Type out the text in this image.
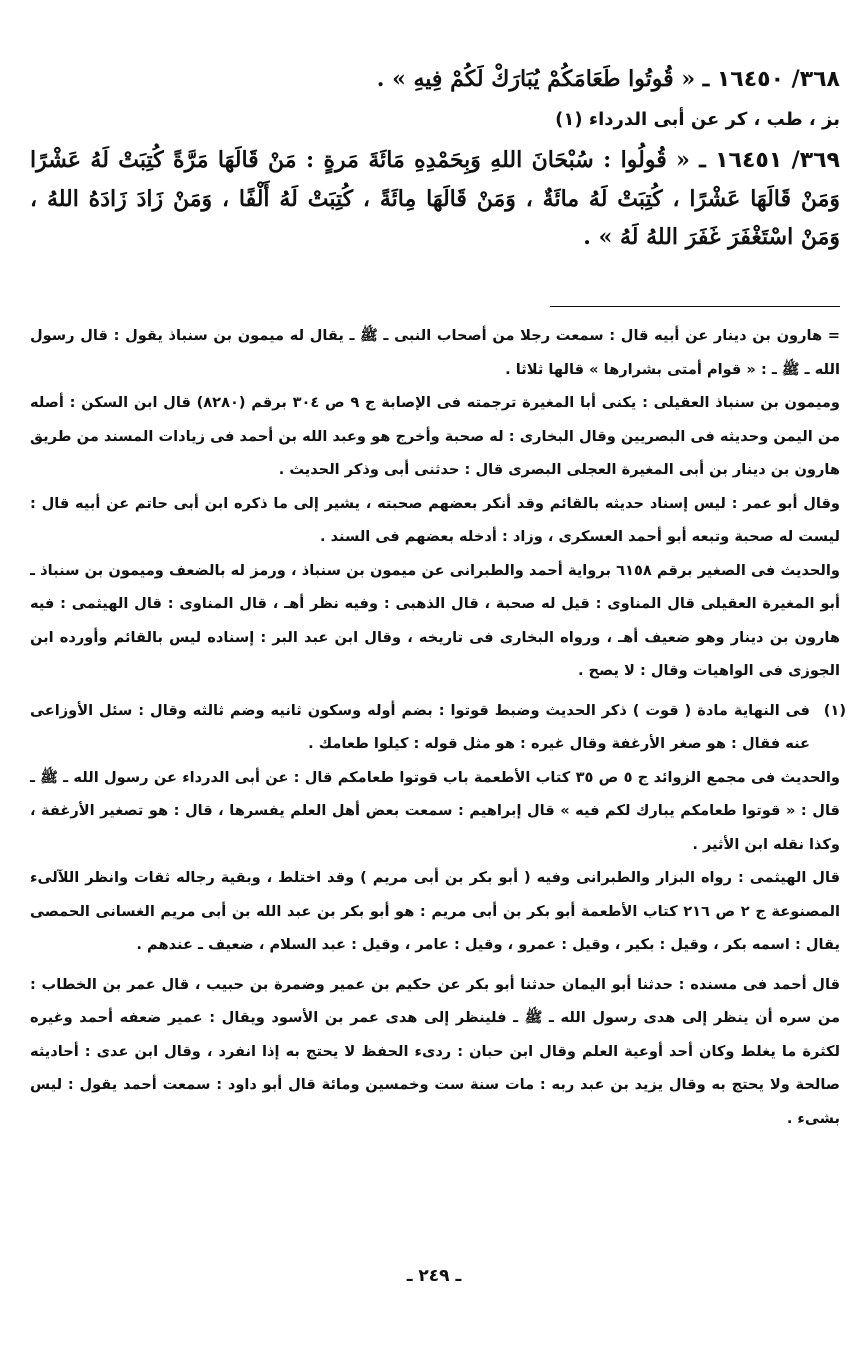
٣٦٨/ ١٦٤٥٠ ـ « قُوتُوا طَعَامَكُمْ يُبَارَكْ لَكُمْ فِيهِ » .

بز ، طب ، كر عن أبى الدرداء (١)

٣٦٩/ ١٦٤٥١ ـ « قُولُوا : سُبْحَانَ اللهِ وَبِحَمْدِهِ مَائَةَ مَرةٍ : مَنْ قَالَهَا مَرَّةً كُتِبَتْ لَهُ عَشْرًا وَمَنْ قَالَهَا عَشْرًا ، كُتِبَتْ لَهُ مائَةٌ ، وَمَنْ قَالَهَا مِائَةً ، كُتِبَتْ لَهُ أَلْفًا ، وَمَنْ زَادَ زَادَهُ اللهُ ، وَمَنْ اسْتَغْفَرَ غَفَرَ اللهُ لَهُ » .

= هارون بن دينار عن أبيه قال : سمعت رجلا من أصحاب النبى ـ ﷺ ـ يقال له ميمون بن سنباذ يقول : قال رسول الله ـ ﷺ ـ : « قوام أمتى بشرارها » قالها ثلاثا .

وميمون بن سنباذ العقيلى : يكنى أبا المغيرة ترجمته فى الإصابة ج ٩ ص ٣٠٤ برقم (٨٢٨٠) قال ابن السكن : أصله من اليمن وحديثه فى البصريين وقال البخارى : له صحبة وأخرج هو وعبد الله بن أحمد فى زيادات المسند من طريق هارون بن دينار بن أبى المغيرة العجلى البصرى قال : حدثنى أبى وذكر الحديث .

وقال أبو عمر : ليس إسناد حديثه بالقائم وقد أنكر بعضهم صحبته ، يشير إلى ما ذكره ابن أبى حاتم عن أبيه قال : ليست له صحبة وتبعه أبو أحمد العسكرى ، وزاد : أدخله بعضهم فى السند .

والحديث فى الصغير برقم ٦١٥٨ برواية أحمد والطبرانى عن ميمون بن سنباذ ، ورمز له بالضعف وميمون بن سنباذ ـ أبو المغيرة العقيلى قال المناوى : قيل له صحبة ، قال الذهبى : وفيه نظر أهـ ، قال المناوى : قال الهيثمى : فيه هارون بن دينار وهو ضعيف أهـ ، ورواه البخارى فى تاريخه ، وقال ابن عبد البر : إسناده ليس بالقائم وأورده ابن الجوزى فى الواهيات وقال : لا يصح .

(١)
فى النهاية مادة ( قوت ) ذكر الحديث وضبط قوتوا : بضم أوله وسكون ثانيه وضم ثالثه وقال : سئل الأوزاعى عنه فقال : هو صغر الأرغفة وقال غيره : هو مثل قوله : كيلوا طعامك .

والحديث فى مجمع الزوائد ج ٥ ص ٣٥ كتاب الأطعمة باب قوتوا طعامكم قال : عن أبى الدرداء عن رسول الله ـ ﷺ ـ قال : « قوتوا طعامكم يبارك لكم فيه » قال إبراهيم : سمعت بعض أهل العلم يفسرها ، قال : هو تصغير الأرغفة ، وكذا نقله ابن الأثير .

قال الهيثمى : رواه البزار والطبرانى وفيه ( أبو بكر بن أبى مريم ) وقد اختلط ، وبقية رجاله ثقات وانظر اللآلىء المصنوعة ج ٢ ص ٢١٦ كتاب الأطعمة أبو بكر بن أبى مريم : هو أبو بكر بن عبد الله بن أبى مريم الغسانى الحمصى يقال : اسمه بكر ، وقيل : بكير ، وقيل : عمرو ، وقيل : عامر ، وقيل : عبد السلام ، ضعيف ـ عندهم .

قال أحمد فى مسنده : حدثنا أبو اليمان حدثنا أبو بكر عن حكيم بن عمير وضمرة بن حبيب ، قال عمر بن الخطاب : من سره أن ينظر إلى هدى رسول الله ـ ﷺ ـ فلينظر إلى هدى عمر بن الأسود ويقال : عمير ضعفه أحمد وغيره لكثرة ما يغلط وكان أحد أوعية العلم وقال ابن حبان : ردىء الحفظ لا يحتج به إذا انفرد ، وقال ابن عدى : أحاديثه صالحة ولا يحتج به وقال يزيد بن عبد ربه : مات سنة ست وخمسين ومائة قال أبو داود : سمعت أحمد يقول : ليس بشىء .

ـ ٢٤٩ ـ
